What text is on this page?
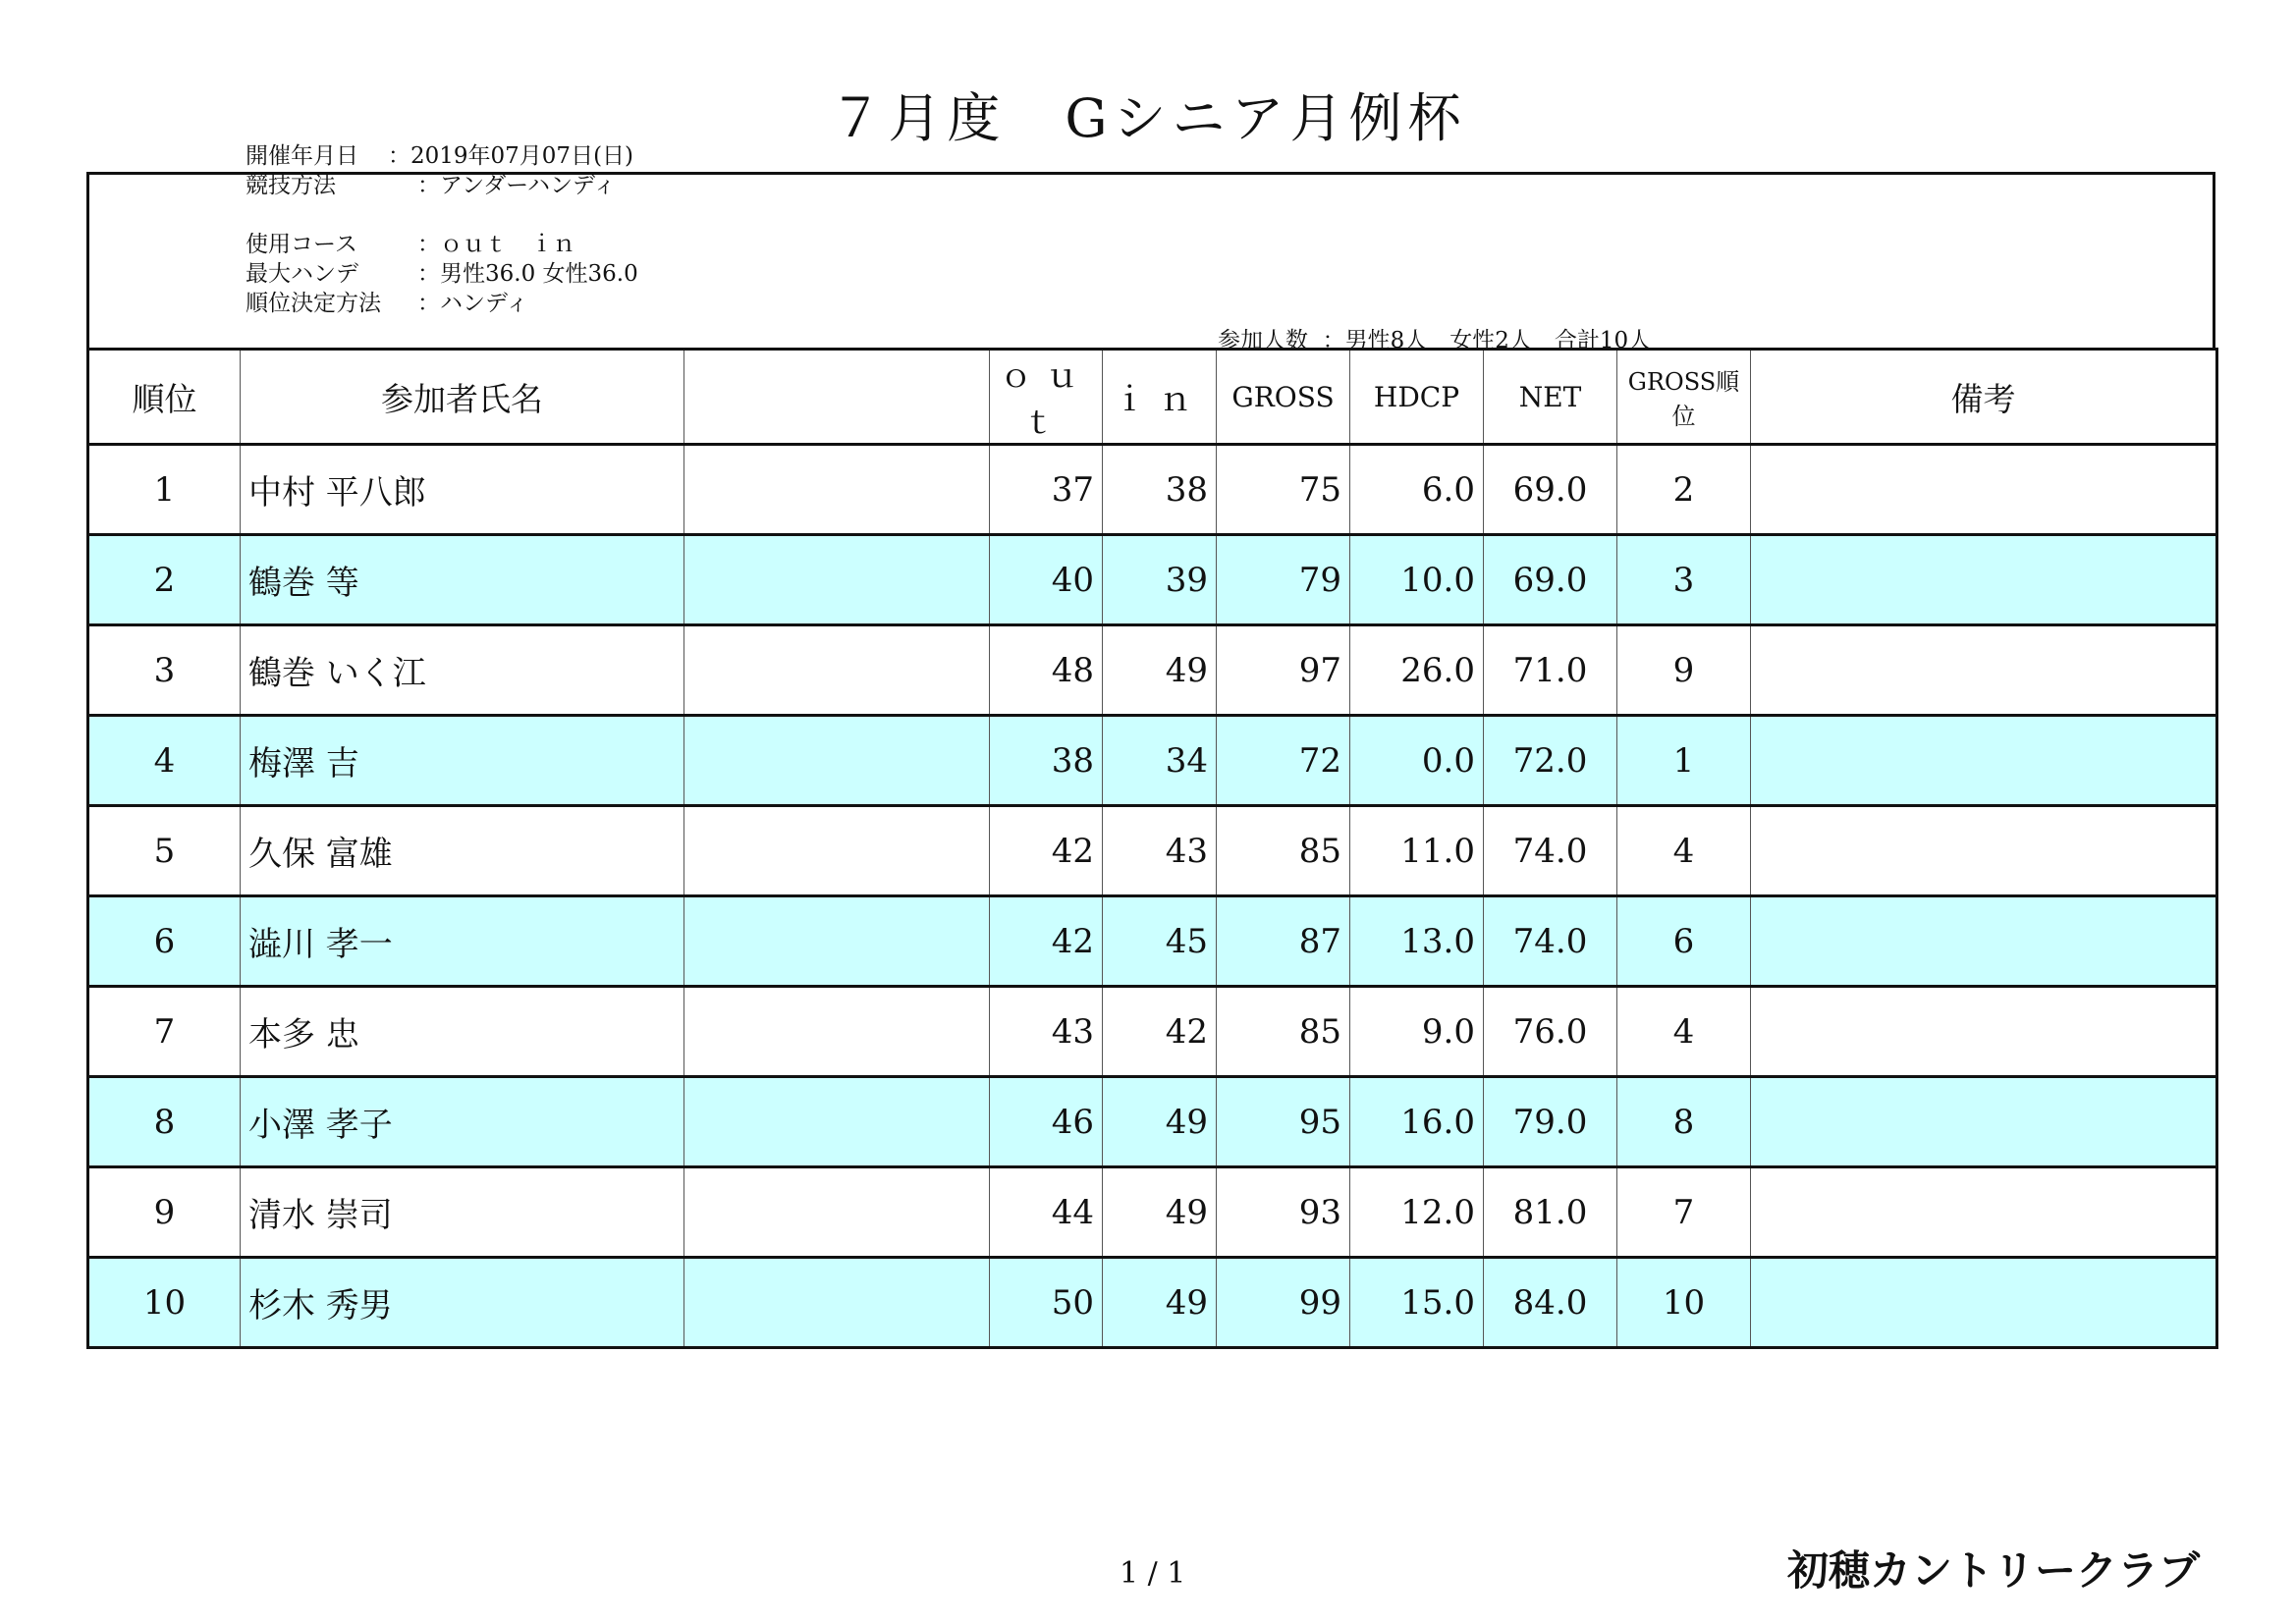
７月度　Gシニア月例杯
開催年月日 ：2019年07月07日(日)
競技方法	：アンダーハンディ
使用コース	：ｏｕｔ　ｉｎ
最大ハンデ	：男性36.0 女性36.0
順位決定方法 ：ハンディ
参加人数 ：男性8人　女性2人　合計10人
順位	参加者氏名		ｏｕｔ	ｉｎ	GROSS	HDCP	NET	GROSS順位	備考
1	中村 平八郎		37	38	75	6.0	69.0	2	
2	鶴巻 等		40	39	79	10.0	69.0	3	
3	鶴巻 いく江		48	49	97	26.0	71.0	9	
4	梅澤 吉		38	34	72	0.0	72.0	1	
5	久保 富雄		42	43	85	11.0	74.0	4	
6	澁川 孝一		42	45	87	13.0	74.0	6	
7	本多 忠		43	42	85	9.0	76.0	4	
8	小澤 孝子		46	49	95	16.0	79.0	8	
9	清水 崇司		44	49	93	12.0	81.0	7	
10	杉木 秀男		50	49	99	15.0	84.0	10	
1 / 1	初穂カントリークラブ
